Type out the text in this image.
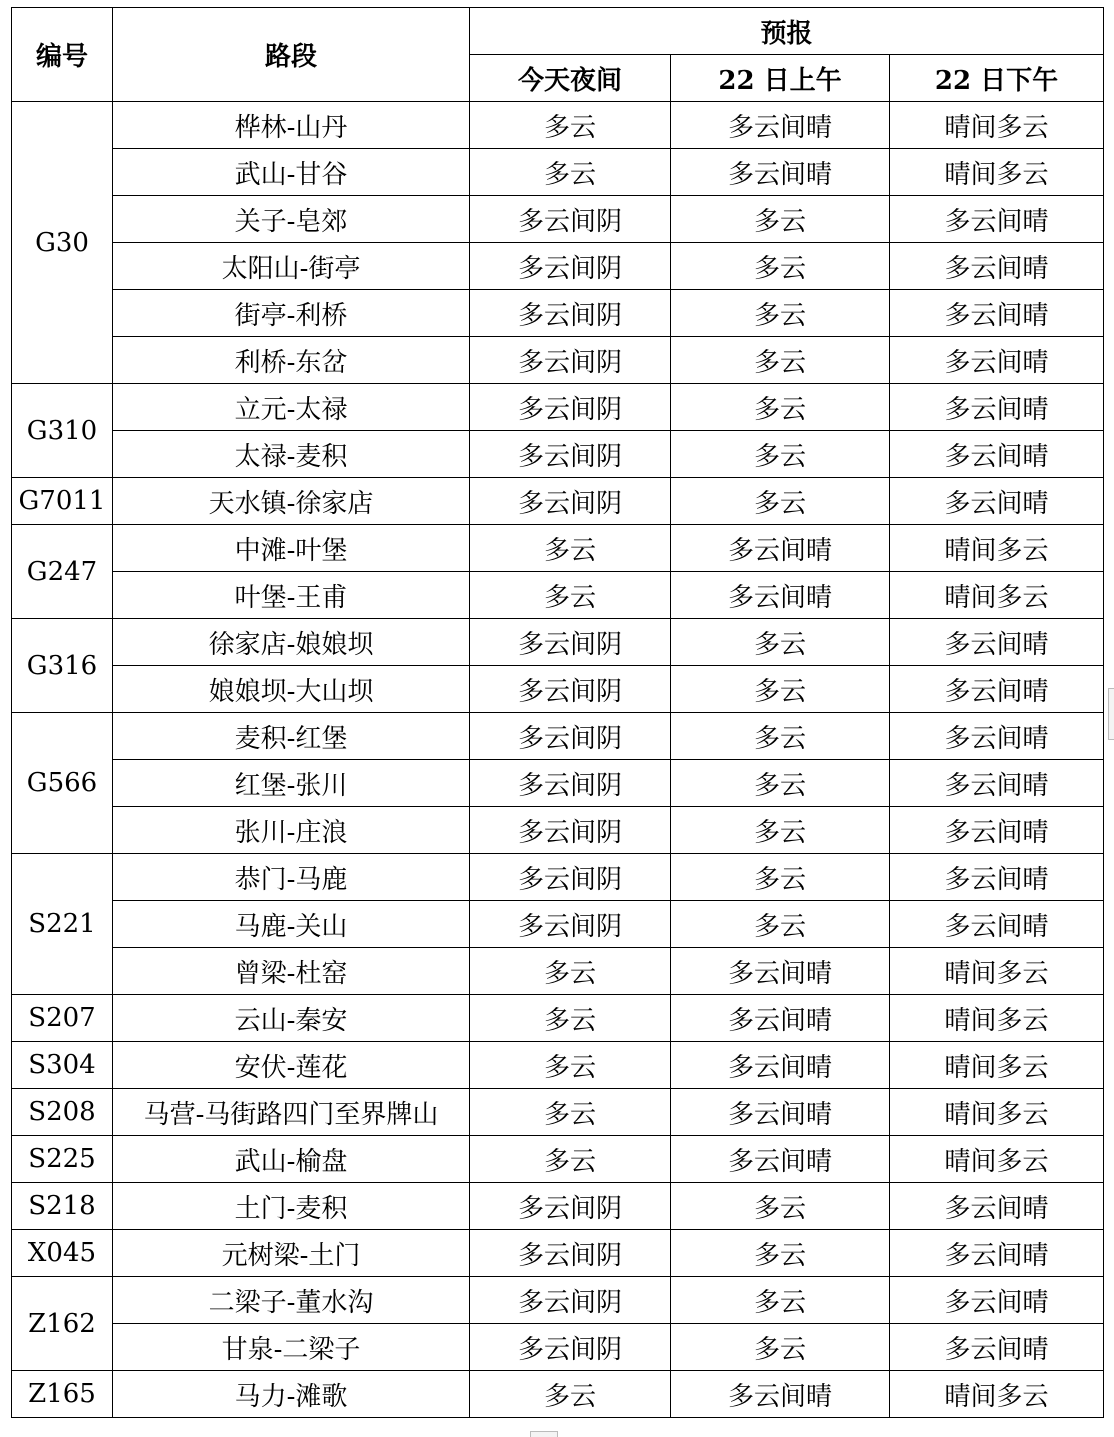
编号	路段	预报		
		今天夜间	22 日上午	22 日下午
G30	桦林-山丹	多云	多云间晴	晴间多云
	武山-甘谷	多云	多云间晴	晴间多云
	关子-皂郊	多云间阴	多云	多云间晴
	太阳山-街亭	多云间阴	多云	多云间晴
	街亭-利桥	多云间阴	多云	多云间晴
	利桥-东岔	多云间阴	多云	多云间晴
G310	立元-太禄	多云间阴	多云	多云间晴
	太禄-麦积	多云间阴	多云	多云间晴
G7011	天水镇-徐家店	多云间阴	多云	多云间晴
G247	中滩-叶堡	多云	多云间晴	晴间多云
	叶堡-王甫	多云	多云间晴	晴间多云
G316	徐家店-娘娘坝	多云间阴	多云	多云间晴
	娘娘坝-大山坝	多云间阴	多云	多云间晴
G566	麦积-红堡	多云间阴	多云	多云间晴
	红堡-张川	多云间阴	多云	多云间晴
	张川-庄浪	多云间阴	多云	多云间晴
S221	恭门-马鹿	多云间阴	多云	多云间晴
	马鹿-关山	多云间阴	多云	多云间晴
	曾梁-杜窑	多云	多云间晴	晴间多云
S207	云山-秦安	多云	多云间晴	晴间多云
S304	安伏-莲花	多云	多云间晴	晴间多云
S208	马营-马街路四门至界牌山	多云	多云间晴	晴间多云
S225	武山-榆盘	多云	多云间晴	晴间多云
S218	土门-麦积	多云间阴	多云	多云间晴
X045	元树梁-土门	多云间阴	多云	多云间晴
Z162	二梁子-董水沟	多云间阴	多云	多云间晴
	甘泉-二梁子	多云间阴	多云	多云间晴
Z165	马力-滩歌	多云	多云间晴	晴间多云
